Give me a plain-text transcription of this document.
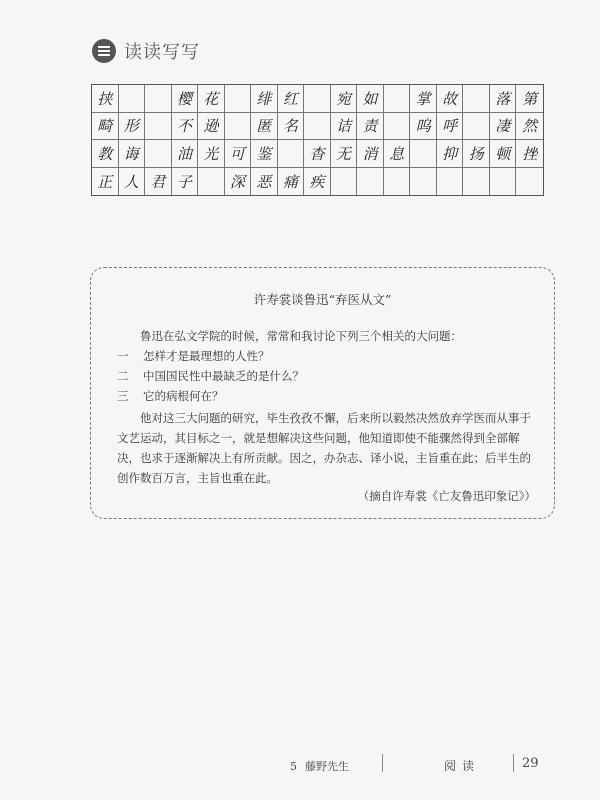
读读写写
挟	樱 花	绯 红	宛 如	掌 故	落 第
畸 形	不 逊	匿 名	诘 责	呜 呼	凄 然
教 诲	油 光 可 鉴	杳 无 消 息	抑 扬 顿 挫
正 人 君 子	深 恶 痛 疾
许寿裳谈鲁迅“弃医从文”
鲁迅在弘文学院的时候，常常和我讨论下列三个相关的大问题：
一 怎样才是最理想的人性？
二 中国国民性中最缺乏的是什么？
三 它的病根何在？
他对这三大问题的研究，毕生孜孜不懈，后来所以毅然决然放弃学医而从事于文艺运动，其目标之一，就是想解决这些问题，他知道即使不能骤然得到全部解决，也求于逐渐解决上有所贡献。因之，办杂志、译小说，主旨重在此；后半生的创作数百万言，主旨也重在此。
（摘自许寿裳《亡友鲁迅印象记》）
5 藤野先生	阅读	29
